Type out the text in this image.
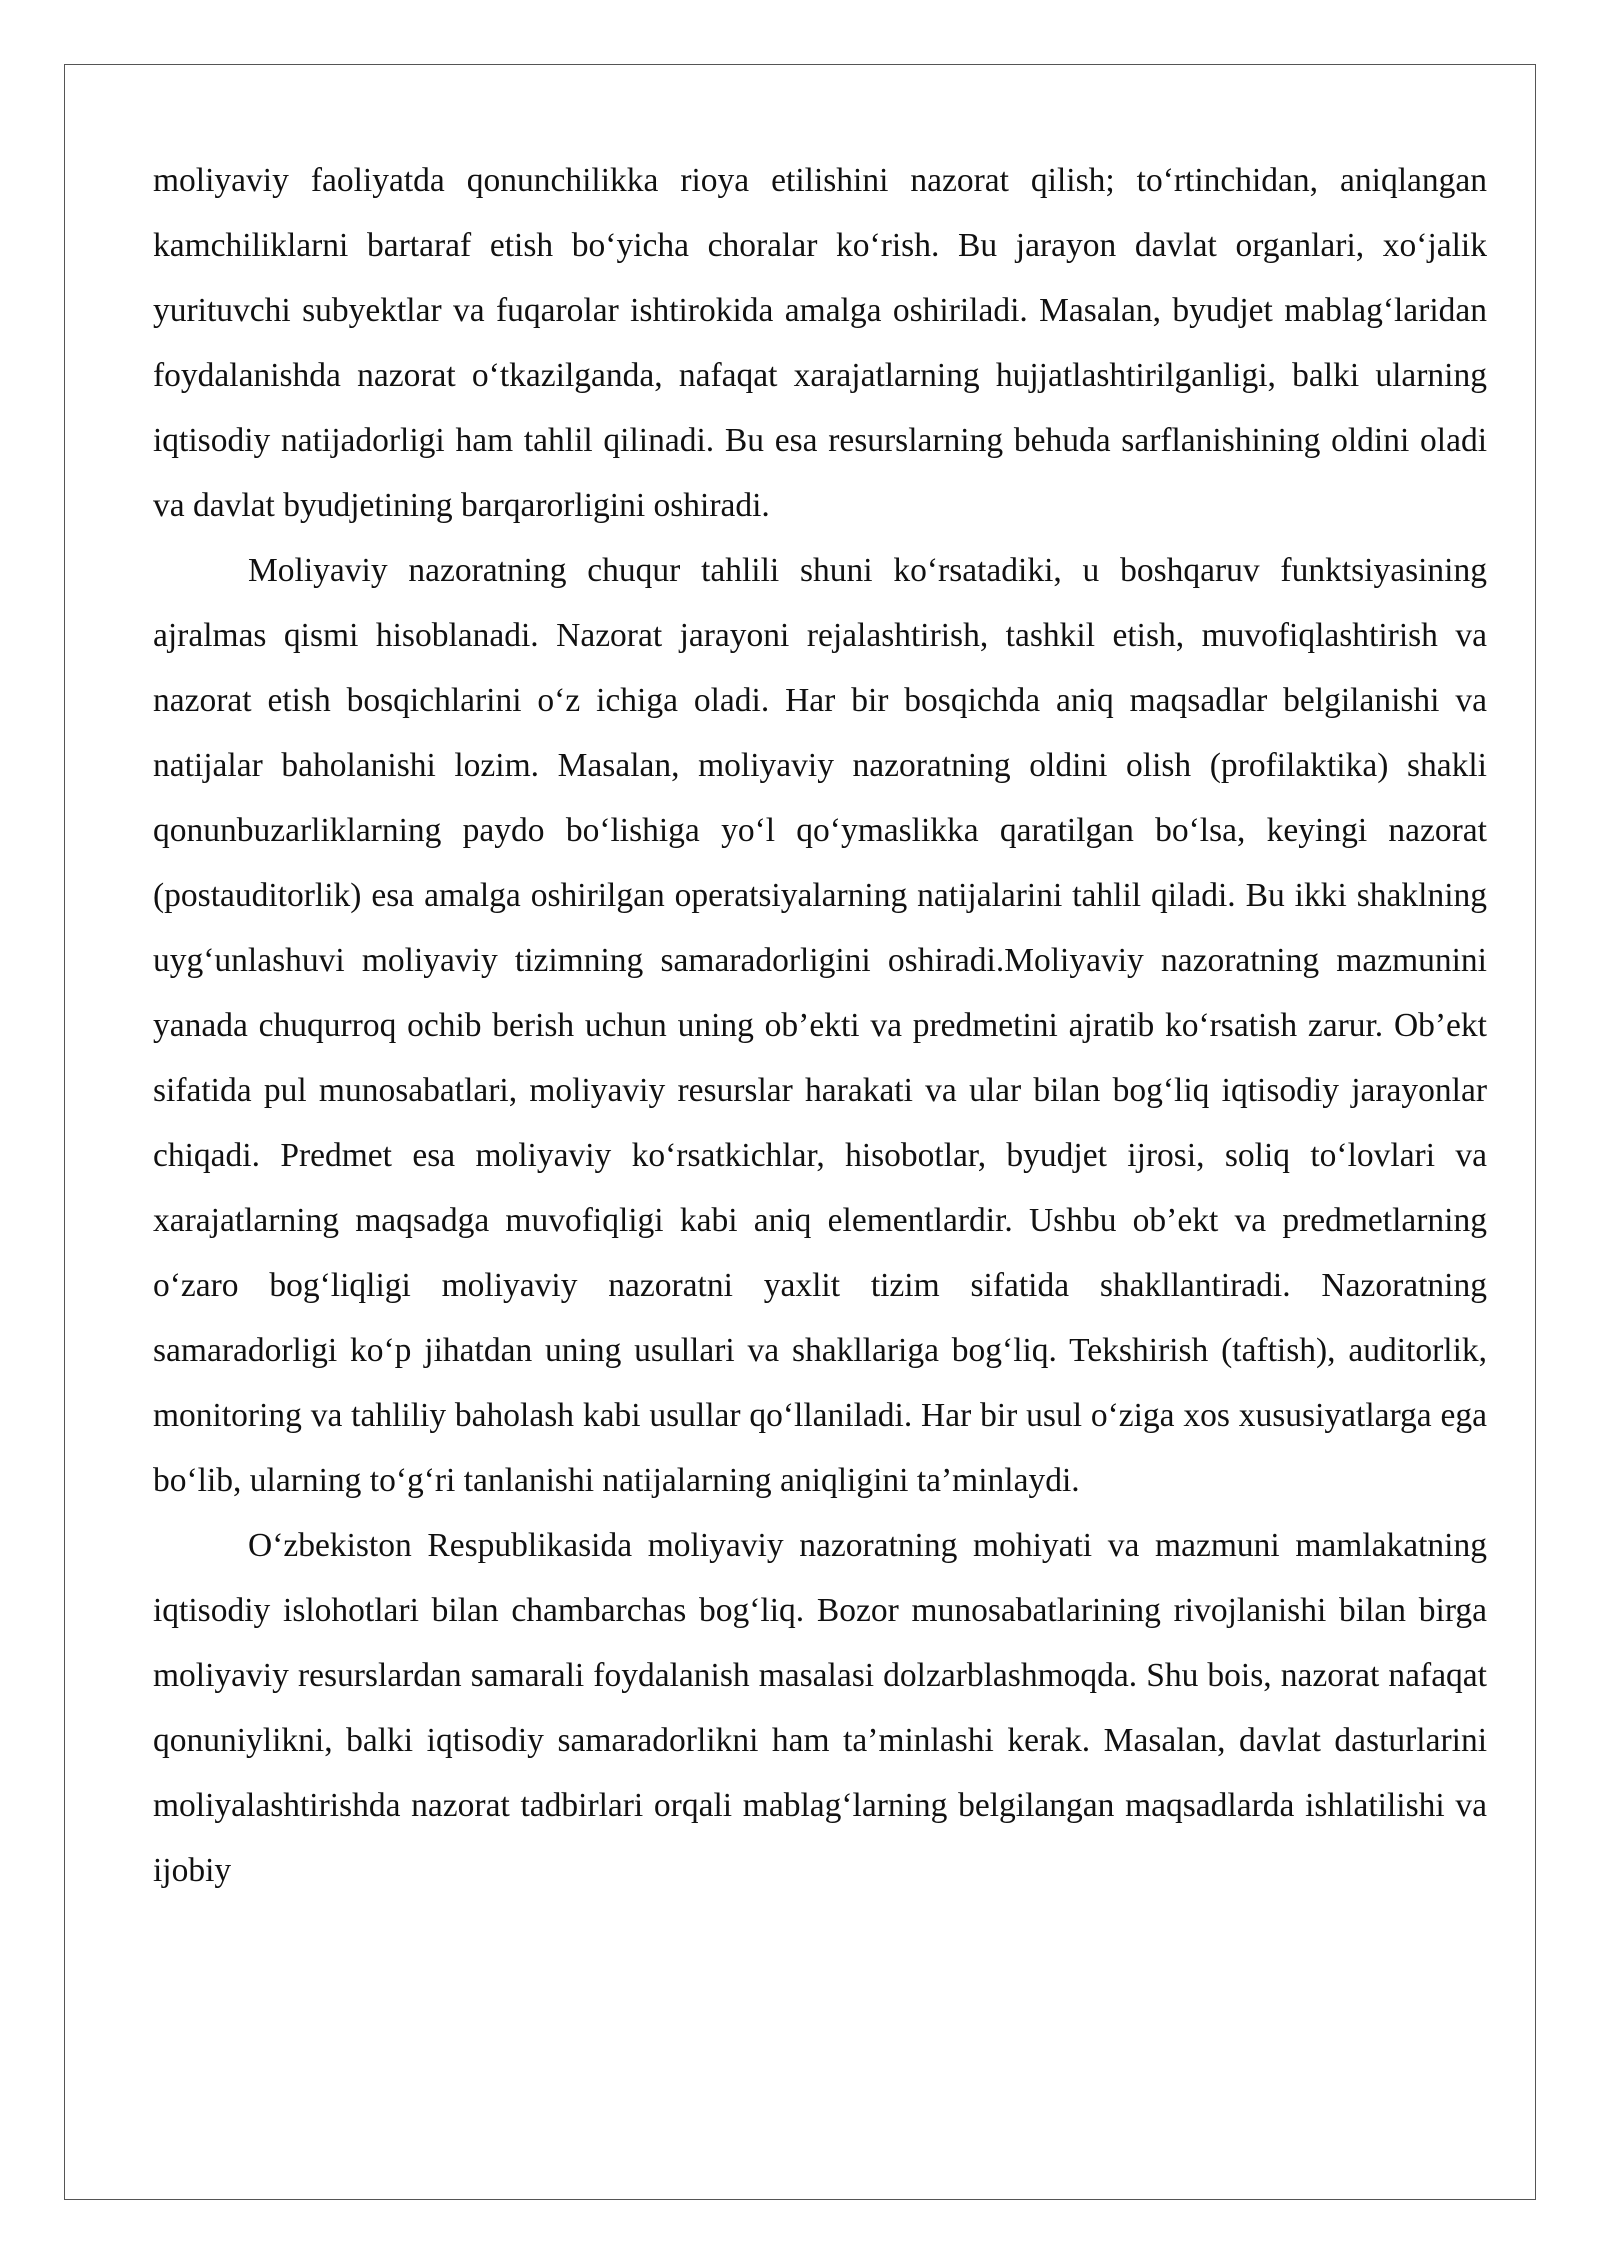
moliyaviy faoliyatda qonunchilikka rioya etilishini nazorat qilish; to‘rtinchidan, aniqlangan kamchiliklarni bartaraf etish bo‘yicha choralar ko‘rish. Bu jarayon davlat organlari, xo‘jalik yurituvchi subyektlar va fuqarolar ishtirokida amalga oshiriladi. Masalan, byudjet mablag‘laridan foydalanishda nazorat o‘tkazilganda, nafaqat xarajatlarning hujjatlashtirilganligi, balki ularning iqtisodiy natijadorligi ham tahlil qilinadi. Bu esa resurslarning behuda sarflanishining oldini oladi va davlat byudjetining barqarorligini oshiradi.

Moliyaviy nazoratning chuqur tahlili shuni ko‘rsatadiki, u boshqaruv funktsiyasining ajralmas qismi hisoblanadi. Nazorat jarayoni rejalashtirish, tashkil etish, muvofiqlashtirish va nazorat etish bosqichlarini o‘z ichiga oladi. Har bir bosqichda aniq maqsadlar belgilanishi va natijalar baholanishi lozim. Masalan, moliyaviy nazoratning oldini olish (profilaktika) shakli qonunbuzarliklarning paydo bo‘lishiga yo‘l qo‘ymaslikka qaratilgan bo‘lsa, keyingi nazorat (postauditorlik) esa amalga oshirilgan operatsiyalarning natijalarini tahlil qiladi. Bu ikki shaklning uyg‘unlashuvi moliyaviy tizimning samaradorligini oshiradi.Moliyaviy nazoratning mazmunini yanada chuqurroq ochib berish uchun uning ob’ekti va predmetini ajratib ko‘rsatish zarur. Ob’ekt sifatida pul munosabatlari, moliyaviy resurslar harakati va ular bilan bog‘liq iqtisodiy jarayonlar chiqadi. Predmet esa moliyaviy ko‘rsatkichlar, hisobotlar, byudjet ijrosi, soliq to‘lovlari va xarajatlarning maqsadga muvofiqligi kabi aniq elementlardir. Ushbu ob’ekt va predmetlarning o‘zaro bog‘liqligi moliyaviy nazoratni yaxlit tizim sifatida shakllantiradi. Nazoratning samaradorligi ko‘p jihatdan uning usullari va shakllariga bog‘liq. Tekshirish (taftish), auditorlik, monitoring va tahliliy baholash kabi usullar qo‘llaniladi. Har bir usul o‘ziga xos xususiyatlarga ega bo‘lib, ularning to‘g‘ri tanlanishi natijalarning aniqligini ta’minlaydi.

O‘zbekiston Respublikasida moliyaviy nazoratning mohiyati va mazmuni mamlakatning iqtisodiy islohotlari bilan chambarchas bog‘liq. Bozor munosabatlarining rivojlanishi bilan birga moliyaviy resurslardan samarali foydalanish masalasi dolzarblashmoqda. Shu bois, nazorat nafaqat qonuniylikni, balki iqtisodiy samaradorlikni ham ta’minlashi kerak. Masalan, davlat dasturlarini moliyalashtirishda nazorat tadbirlari orqali mablag‘larning belgilangan maqsadlarda ishlatilishi va ijobiy
